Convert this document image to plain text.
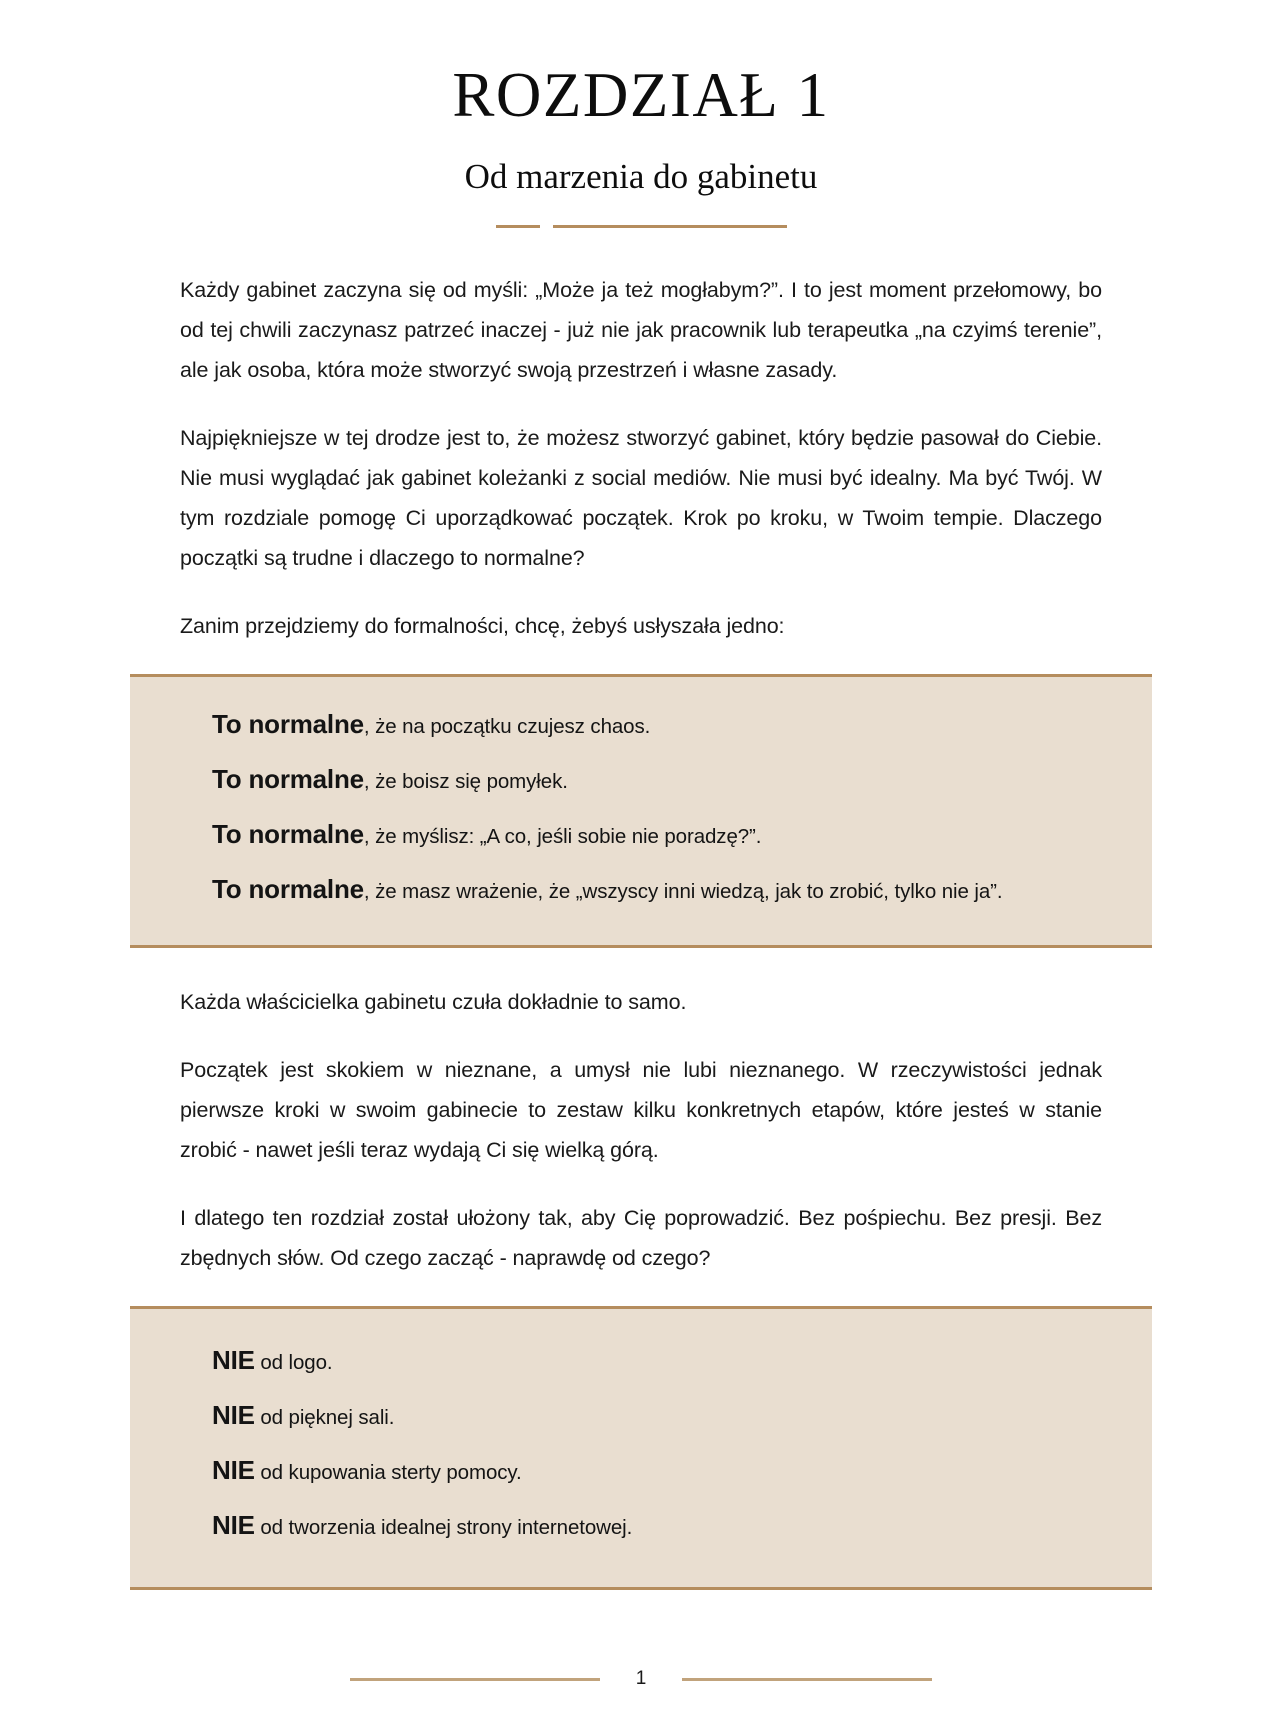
ROZDZIAŁ 1
Od marzenia do gabinetu

Każdy gabinet zaczyna się od myśli: „Może ja też mogłabym?”. I to jest moment przełomowy, bo od tej chwili zaczynasz patrzeć inaczej - już nie jak pracownik lub terapeutka „na czyimś terenie”, ale jak osoba, która może stworzyć swoją przestrzeń i własne zasady.

Najpiękniejsze w tej drodze jest to, że możesz stworzyć gabinet, który będzie pasował do Ciebie. Nie musi wyglądać jak gabinet koleżanki z social mediów. Nie musi być idealny. Ma być Twój. W tym rozdziale pomogę Ci uporządkować początek. Krok po kroku, w Twoim tempie. Dlaczego początki są trudne i dlaczego to normalne?

Zanim przejdziemy do formalności, chcę, żebyś usłyszała jedno:

To normalne, że na początku czujesz chaos.

To normalne, że boisz się pomyłek.

To normalne, że myślisz: „A co, jeśli sobie nie poradzę?”.

To normalne, że masz wrażenie, że „wszyscy inni wiedzą, jak to zrobić, tylko nie ja”.

Każda właścicielka gabinetu czuła dokładnie to samo.

Początek jest skokiem w nieznane, a umysł nie lubi nieznanego. W rzeczywistości jednak pierwsze kroki w swoim gabinecie to zestaw kilku konkretnych etapów, które jesteś w stanie zrobić - nawet jeśli teraz wydają Ci się wielką górą.

I dlatego ten rozdział został ułożony tak, aby Cię poprowadzić. Bez pośpiechu. Bez presji. Bez zbędnych słów. Od czego zacząć - naprawdę od czego?

NIE od logo.

NIE od pięknej sali.

NIE od kupowania sterty pomocy.

NIE od tworzenia idealnej strony internetowej.

1
